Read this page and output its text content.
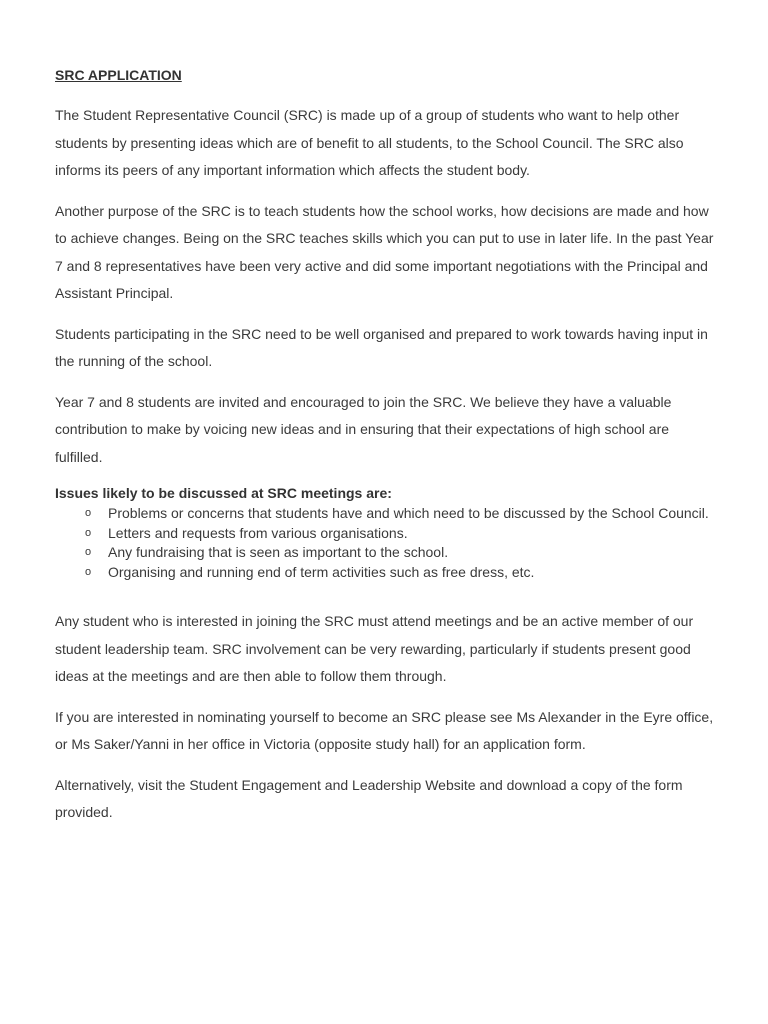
SRC APPLICATION

The Student Representative Council (SRC) is made up of a group of students who want to help other students by presenting ideas which are of benefit to all students, to the School Council. The SRC also informs its peers of any important information which affects the student body.

Another purpose of the SRC is to teach students how the school works, how decisions are made and how to achieve changes. Being on the SRC teaches skills which you can put to use in later life. In the past Year 7 and 8 representatives have been very active and did some important negotiations with the Principal and Assistant Principal.

Students participating in the SRC need to be well organised and prepared to work towards having input in the running of the school.

Year 7 and 8 students are invited and encouraged to join the SRC. We believe they have a valuable contribution to make by voicing new ideas and in ensuring that their expectations of high school are fulfilled.

Issues likely to be discussed at SRC meetings are:
o Problems or concerns that students have and which need to be discussed by the School Council.
o Letters and requests from various organisations.
o Any fundraising that is seen as important to the school.
o Organising and running end of term activities such as free dress, etc.

Any student who is interested in joining the SRC must attend meetings and be an active member of our student leadership team. SRC involvement can be very rewarding, particularly if students present good ideas at the meetings and are then able to follow them through.

If you are interested in nominating yourself to become an SRC please see Ms Alexander in the Eyre office, or Ms Saker/Yanni in her office in Victoria (opposite study hall) for an application form.

Alternatively, visit the Student Engagement and Leadership Website and download a copy of the form provided.
